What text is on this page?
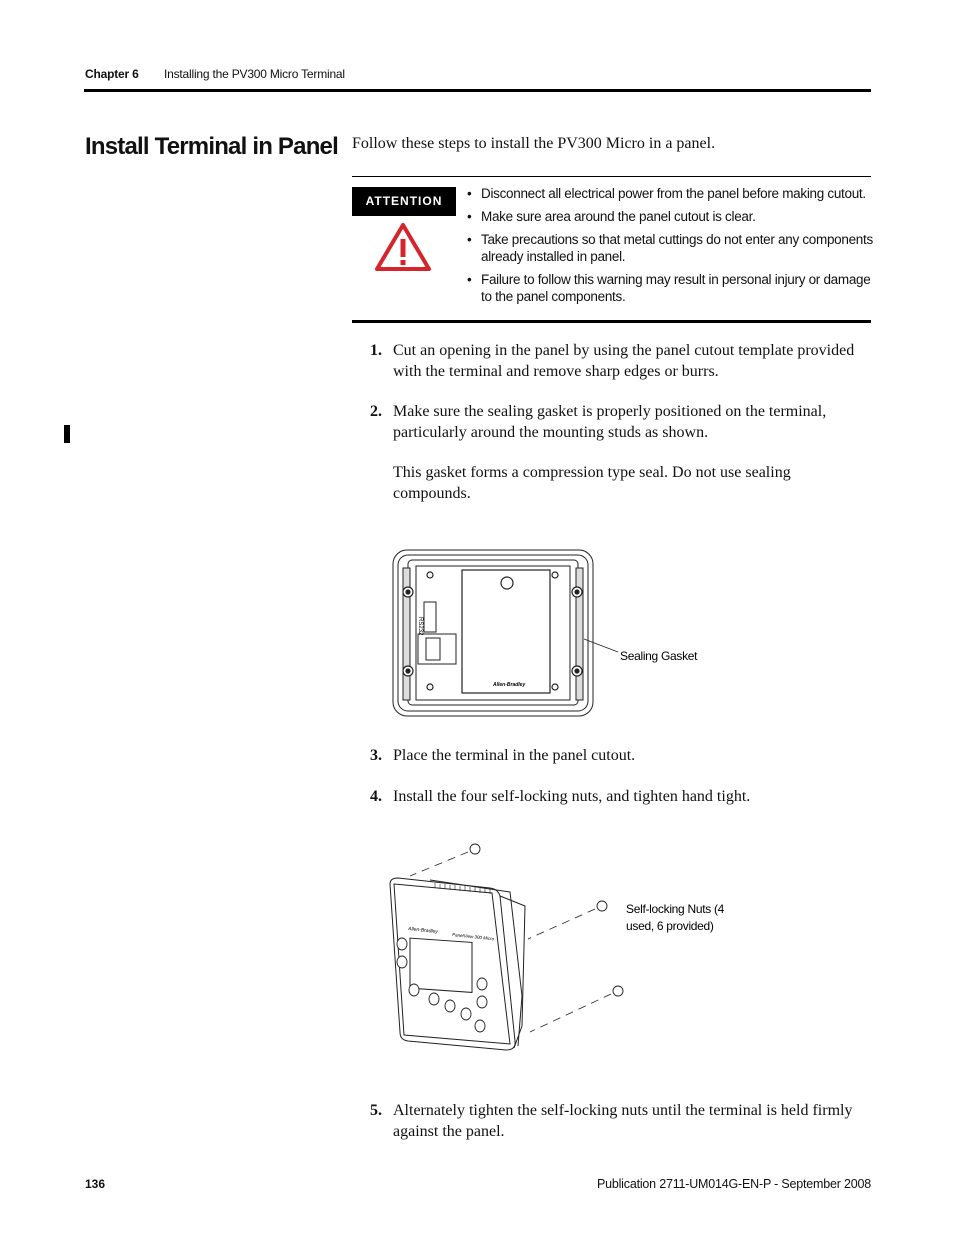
Chapter 6 Installing the PV300 Micro Terminal
Install Terminal in Panel Follow these steps to install the PV300 Micro in a panel.
ATTENTION
•	Disconnect all electrical power from the panel before making cutout.
• Make sure area around the panel cutout is clear.
• Take precautions so that metal cuttings do not enter any components already installed in panel.
• Failure to follow this warning may result in personal injury or damage to the panel components.
1. Cut an opening in the panel by using the panel cutout template provided with the terminal and remove sharp edges or burrs.
2. Make sure the sealing gasket is properly positioned on the terminal, particularly around the mounting studs as shown.
This gasket forms a compression type seal. Do not use sealing compounds.
RS232
Allen-Bradley
Sealing Gasket
3. Place the terminal in the panel cutout.
4. Install the four self-locking nuts, and tighten hand tight.
Allen-Bradley
PanelView 300 Micro
Self-locking Nuts (4
used, 6 provided)
5. Alternately tighten the self-locking nuts until the terminal is held firmly against the panel.
136	Publication 2711-UM014G-EN-P - September 2008
